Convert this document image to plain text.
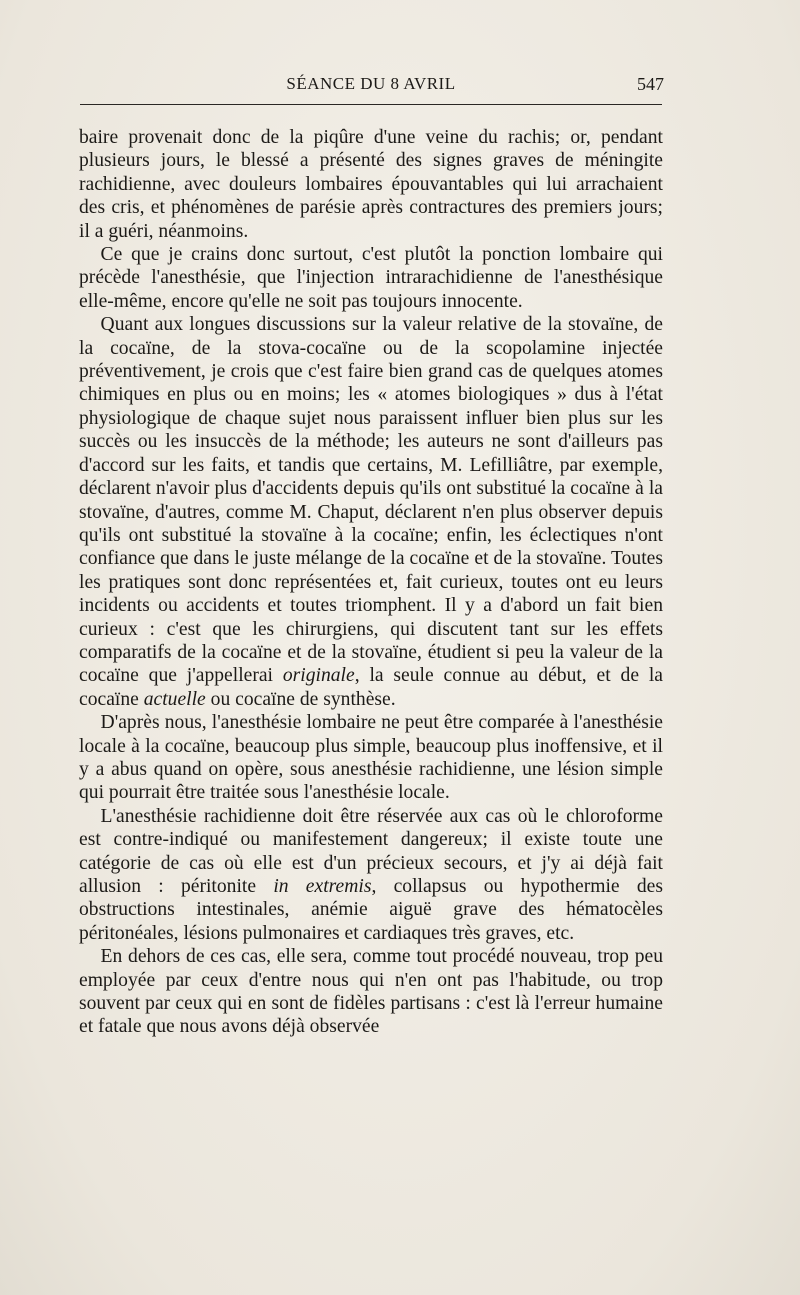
SÉANCE DU 8 AVRIL	547

baire provenait donc de la piqûre d'une veine du rachis; or, pendant plusieurs jours, le blessé a présenté des signes graves de méningite rachidienne, avec douleurs lombaires épouvantables qui lui arrachaient des cris, et phénomènes de parésie après contractures des premiers jours; il a guéri, néanmoins.

Ce que je crains donc surtout, c'est plutôt la ponction lombaire qui précède l'anesthésie, que l'injection intrarachidienne de l'anesthésique elle-même, encore qu'elle ne soit pas toujours innocente.

Quant aux longues discussions sur la valeur relative de la stovaïne, de la cocaïne, de la stova-cocaïne ou de la scopolamine injectée préventivement, je crois que c'est faire bien grand cas de quelques atomes chimiques en plus ou en moins; les « atomes biologiques » dus à l'état physiologique de chaque sujet nous paraissent influer bien plus sur les succès ou les insuccès de la méthode; les auteurs ne sont d'ailleurs pas d'accord sur les faits, et tandis que certains, M. Lefilliâtre, par exemple, déclarent n'avoir plus d'accidents depuis qu'ils ont substitué la cocaïne à la stovaïne, d'autres, comme M. Chaput, déclarent n'en plus observer depuis qu'ils ont substitué la stovaïne à la cocaïne; enfin, les éclectiques n'ont confiance que dans le juste mélange de la cocaïne et de la stovaïne. Toutes les pratiques sont donc représentées et, fait curieux, toutes ont eu leurs incidents ou accidents et toutes triomphent. Il y a d'abord un fait bien curieux : c'est que les chirurgiens, qui discutent tant sur les effets comparatifs de la cocaïne et de la stovaïne, étudient si peu la valeur de la cocaïne que j'appellerai originale, la seule connue au début, et de la cocaïne actuelle ou cocaïne de synthèse.

D'après nous, l'anesthésie lombaire ne peut être comparée à l'anesthésie locale à la cocaïne, beaucoup plus simple, beaucoup plus inoffensive, et il y a abus quand on opère, sous anesthésie rachidienne, une lésion simple qui pourrait être traitée sous l'anesthésie locale.

L'anesthésie rachidienne doit être réservée aux cas où le chloroforme est contre-indiqué ou manifestement dangereux; il existe toute une catégorie de cas où elle est d'un précieux secours, et j'y ai déjà fait allusion : péritonite in extremis, collapsus ou hypothermie des obstructions intestinales, anémie aiguë grave des hématocèles péritonéales, lésions pulmonaires et cardiaques très graves, etc.

En dehors de ces cas, elle sera, comme tout procédé nouveau, trop peu employée par ceux d'entre nous qui n'en ont pas l'habitude, ou trop souvent par ceux qui en sont de fidèles partisans : c'est là l'erreur humaine et fatale que nous avons déjà observée
